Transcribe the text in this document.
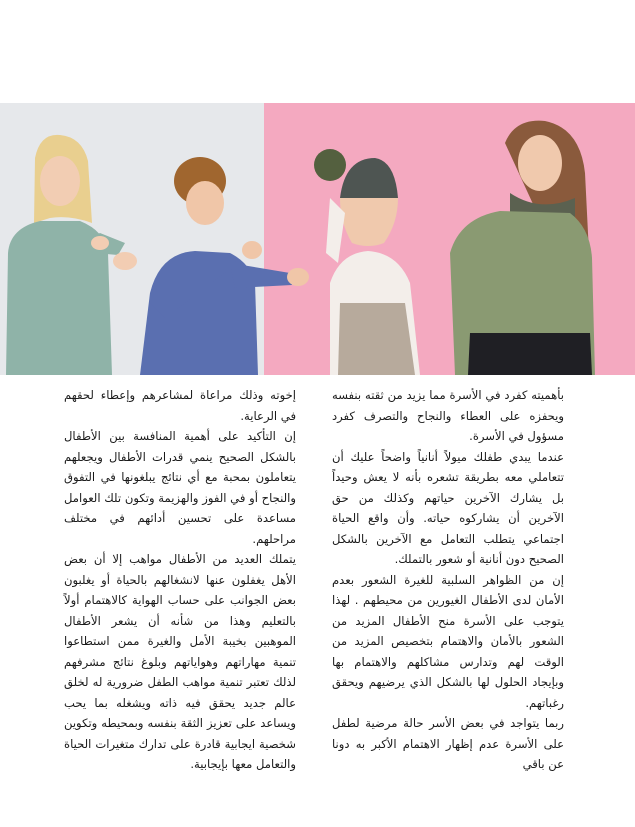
بأهميته كفرد في الأسرة مما يزيد من ثقته بنفسه ويحفزه على العطاء والنجاح والتصرف كفرد مسؤول في الأسرة.

عندما يبدي طفلك ميولاً أنانياً واضحاً عليك أن تتعاملي معه بطريقة تشعره بأنه لا يعش وحيداً بل يشارك الآخرين حياتهم وكذلك من حق الآخرين أن يشاركوه حياته. وأن واقع الحياة اجتماعي يتطلب التعامل مع الآخرين بالشكل الصحيح دون أنانية أو شعور بالتملك.

إن من الظواهر السلبية للغيرة الشعور بعدم الأمان لدى الأطفال الغيورين من محيطهم . لهذا يتوجب على الأسرة منح الأطفال المزيد من الشعور بالأمان والاهتمام بتخصيص المزيد من الوقت لهم وتدارس مشاكلهم والاهتمام بها وبإيجاد الحلول لها بالشكل الذي يرضيهم ويحقق رغباتهم.

ربما يتواجد في بعض الأسر حالة مرضية لطفل على الأسرة عدم إظهار الاهتمام الأكبر به دونا عن باقي

إخوته وذلك مراعاة لمشاعرهم وإعطاء لحقهم في الرعاية.

إن التأكيد على أهمية المنافسة بين الأطفال بالشكل الصحيح ينمي قدرات الأطفال ويجعلهم يتعاملون بمحبة مع أي نتائج يبلغونها في التفوق والنجاح أو في الفوز والهزيمة وتكون تلك العوامل مساعدة على تحسين أدائهم في مختلف مراحلهم.

يتملك العديد من الأطفال مواهب إلا أن بعض الأهل يغفلون عنها لانشغالهم بالحياة أو يغلبون بعض الجوانب على حساب الهواية كالاهتمام أولاً بالتعليم وهذا من شأنه أن يشعر الأطفال الموهبين بخيبة الأمل والغيرة ممن استطاعوا تنمية مهاراتهم وهواياتهم وبلوغ نتائج مشرفهم لذلك تعتبر تنمية مواهب الطفل ضرورية له لخلق عالم جديد يحقق فيه ذاته ويشغله بما يحب ويساعد على تعزيز الثقة بنفسه وبمحيطه وتكوين شخصية ايجابية قادرة على تدارك متغيرات الحياة والتعامل معها بإيجابية.
